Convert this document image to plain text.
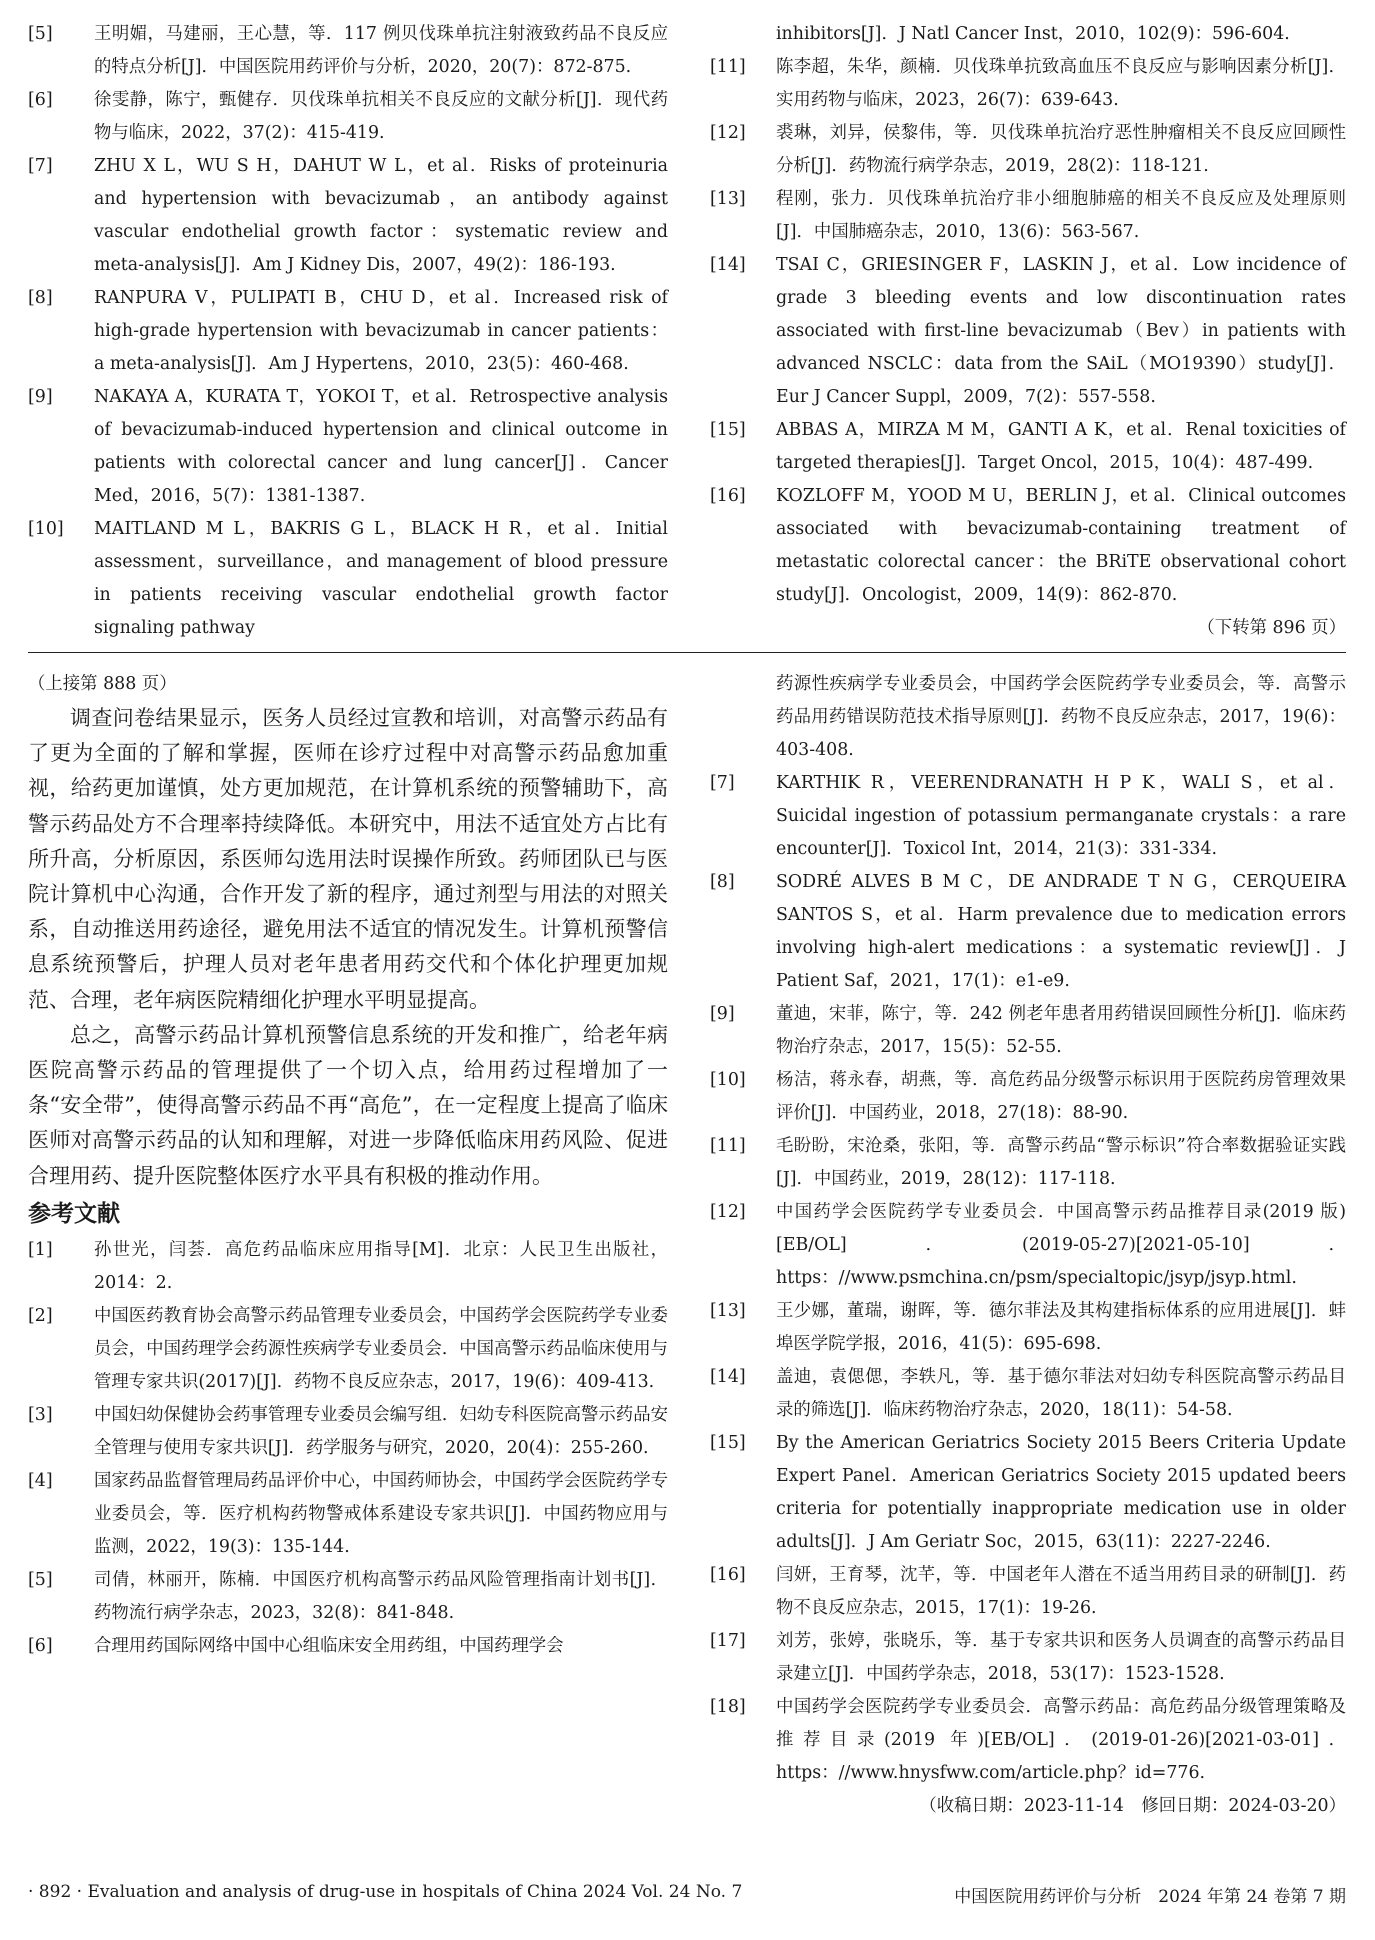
[5]	王明媚，马建丽，王心慧，等．117 例贝伐珠单抗注射液致药品不良反应的特点分析[J]．中国医院用药评价与分析，2020，20(7)：872-875.
[6]	徐雯静，陈宁，甄健存．贝伐珠单抗相关不良反应的文献分析[J]．现代药物与临床，2022，37(2)：415-419.
[7]	ZHU X L，WU S H，DAHUT W L，et al．Risks of proteinuria and hypertension with bevacizumab，an antibody against vascular endothelial growth factor：systematic review and meta-analysis[J]．Am J Kidney Dis，2007，49(2)：186-193.
[8]	RANPURA V，PULIPATI B，CHU D，et al．Increased risk of high-grade hypertension with bevacizumab in cancer patients：a meta-analysis[J]．Am J Hypertens，2010，23(5)：460-468.
[9]	NAKAYA A，KURATA T，YOKOI T，et al．Retrospective analysis of bevacizumab-induced hypertension and clinical outcome in patients with colorectal cancer and lung cancer[J]．Cancer Med，2016，5(7)：1381-1387.
[10]	MAITLAND M L，BAKRIS G L，BLACK H R，et al．Initial assessment，surveillance，and management of blood pressure in patients receiving vascular endothelial growth factor signaling pathway
inhibitors[J]．J Natl Cancer Inst，2010，102(9)：596-604.
[11]	陈李超，朱华，颜楠．贝伐珠单抗致高血压不良反应与影响因素分析[J]．实用药物与临床，2023，26(7)：639-643.
[12]	裘琳，刘异，侯黎伟，等．贝伐珠单抗治疗恶性肿瘤相关不良反应回顾性分析[J]．药物流行病学杂志，2019，28(2)：118-121.
[13]	程刚，张力．贝伐珠单抗治疗非小细胞肺癌的相关不良反应及处理原则[J]．中国肺癌杂志，2010，13(6)：563-567.
[14]	TSAI C，GRIESINGER F，LASKIN J，et al．Low incidence of grade 3 bleeding events and low discontinuation rates associated with first-line bevacizumab（Bev）in patients with advanced NSCLC：data from the SAiL（MO19390）study[J]．Eur J Cancer Suppl，2009，7(2)：557-558.
[15]	ABBAS A，MIRZA M M，GANTI A K，et al．Renal toxicities of targeted therapies[J]．Target Oncol，2015，10(4)：487-499.
[16]	KOZLOFF M，YOOD M U，BERLIN J，et al．Clinical outcomes associated with bevacizumab-containing treatment of metastatic colorectal cancer：the BRiTE observational cohort study[J]．Oncologist，2009，14(9)：862-870.

（下转第 896 页）

（上接第 888 页）

调查问卷结果显示，医务人员经过宣教和培训，对高警示药品有了更为全面的了解和掌握，医师在诊疗过程中对高警示药品愈加重视，给药更加谨慎，处方更加规范，在计算机系统的预警辅助下，高警示药品处方不合理率持续降低。本研究中，用法不适宜处方占比有所升高，分析原因，系医师勾选用法时误操作所致。药师团队已与医院计算机中心沟通，合作开发了新的程序，通过剂型与用法的对照关系，自动推送用药途径，避免用法不适宜的情况发生。计算机预警信息系统预警后，护理人员对老年患者用药交代和个体化护理更加规范、合理，老年病医院精细化护理水平明显提高。

总之，高警示药品计算机预警信息系统的开发和推广，给老年病医院高警示药品的管理提供了一个切入点，给用药过程增加了一条“安全带”，使得高警示药品不再“高危”，在一定程度上提高了临床医师对高警示药品的认知和理解，对进一步降低临床用药风险、促进合理用药、提升医院整体医疗水平具有积极的推动作用。

参考文献

[1]	孙世光，闫荟．高危药品临床应用指导[M]．北京：人民卫生出版社，2014：2.
[2]	中国医药教育协会高警示药品管理专业委员会，中国药学会医院药学专业委员会，中国药理学会药源性疾病学专业委员会．中国高警示药品临床使用与管理专家共识(2017)[J]．药物不良反应杂志，2017，19(6)：409-413.
[3]	中国妇幼保健协会药事管理专业委员会编写组．妇幼专科医院高警示药品安全管理与使用专家共识[J]．药学服务与研究，2020，20(4)：255-260.
[4]	国家药品监督管理局药品评价中心，中国药师协会，中国药学会医院药学专业委员会，等．医疗机构药物警戒体系建设专家共识[J]．中国药物应用与监测，2022，19(3)：135-144.
[5]	司倩，林丽开，陈楠．中国医疗机构高警示药品风险管理指南计划书[J]．药物流行病学杂志，2023，32(8)：841-848.
[6]	合理用药国际网络中国中心组临床安全用药组，中国药理学会
药源性疾病学专业委员会，中国药学会医院药学专业委员会，等．高警示药品用药错误防范技术指导原则[J]．药物不良反应杂志，2017，19(6)：403-408.
[7]	KARTHIK R，VEERENDRANATH H P K，WALI S，et al．Suicidal ingestion of potassium permanganate crystals：a rare encounter[J]．Toxicol Int，2014，21(3)：331-334.
[8]	SODRÉ ALVES B M C，DE ANDRADE T N G，CERQUEIRA SANTOS S，et al．Harm prevalence due to medication errors involving high-alert medications：a systematic review[J]．J Patient Saf，2021，17(1)：e1-e9.
[9]	董迪，宋菲，陈宁，等．242 例老年患者用药错误回顾性分析[J]．临床药物治疗杂志，2017，15(5)：52-55.
[10]	杨洁，蒋永春，胡燕，等．高危药品分级警示标识用于医院药房管理效果评价[J]．中国药业，2018，27(18)：88-90.
[11]	毛盼盼，宋沧桑，张阳，等．高警示药品“警示标识”符合率数据验证实践[J]．中国药业，2019，28(12)：117-118.
[12]	中国药学会医院药学专业委员会．中国高警示药品推荐目录(2019 版)[EB/OL]．(2019-05-27)[2021-05-10]．https：//www.psmchina.cn/psm/specialtopic/jsyp/jsyp.html.
[13]	王少娜，董瑞，谢晖，等．德尔菲法及其构建指标体系的应用进展[J]．蚌埠医学院学报，2016，41(5)：695-698.
[14]	盖迪，袁偲偲，李轶凡，等．基于德尔菲法对妇幼专科医院高警示药品目录的筛选[J]．临床药物治疗杂志，2020，18(11)：54-58.
[15]	By the American Geriatrics Society 2015 Beers Criteria Update Expert Panel．American Geriatrics Society 2015 updated beers criteria for potentially inappropriate medication use in older adults[J]．J Am Geriatr Soc，2015，63(11)：2227-2246.
[16]	闫妍，王育琴，沈芊，等．中国老年人潜在不适当用药目录的研制[J]．药物不良反应杂志，2015，17(1)：19-26.
[17]	刘芳，张婷，张晓乐，等．基于专家共识和医务人员调查的高警示药品目录建立[J]．中国药学杂志，2018，53(17)：1523-1528.
[18]	中国药学会医院药学专业委员会．高警示药品：高危药品分级管理策略及推荐目录(2019 年)[EB/OL]．(2019-01-26)[2021-03-01]．https：//www.hnysfww.com/article.php？id=776.

（收稿日期：2023-11-14　修回日期：2024-03-20）

· 892 · Evaluation and analysis of drug-use in hospitals of China 2024 Vol. 24 No. 7	中国医院用药评价与分析　2024 年第 24 卷第 7 期
